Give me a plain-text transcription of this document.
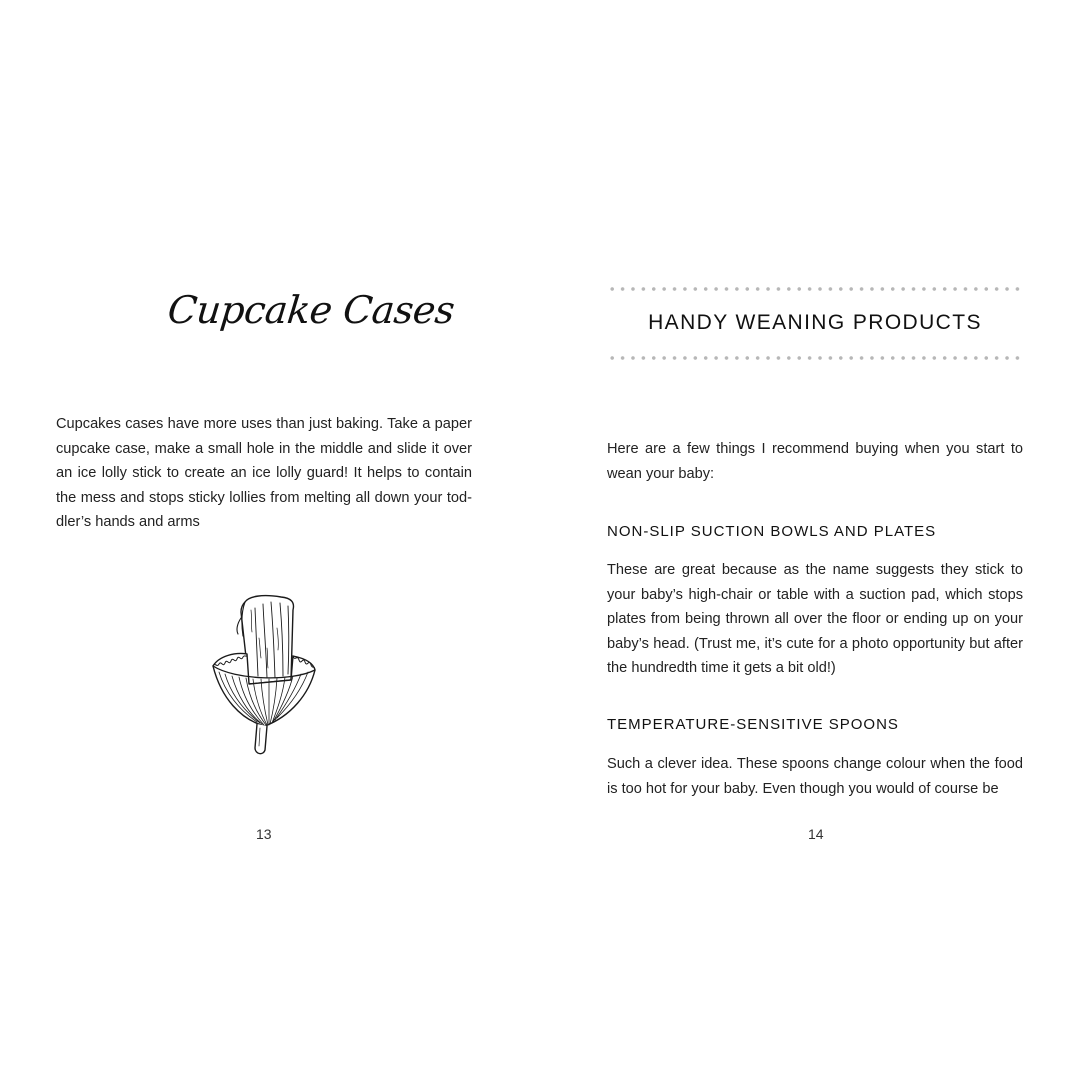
Cupcake Cases

Cupcakes cases have more uses than just baking. Take a paper cupcake case, make a small hole in the middle and slide it over an ice lolly stick to create an ice lolly guard! It helps to contain the mess and stops sticky lollies from melting all down your toddler’s hands and arms

13
HANDY WEANING PRODUCTS

Here are a few things I recommend buying when you start to wean your baby:

NON-SLIP SUCTION BOWLS AND PLATES

These are great because as the name suggests they stick to your baby’s high-chair or table with a suction pad, which stops plates from being thrown all over the floor or ending up on your baby’s head. (Trust me, it’s cute for a photo opportunity but after the hundredth time it gets a bit old!)

TEMPERATURE-SENSITIVE SPOONS

Such a clever idea. These spoons change colour when the food is too hot for your baby. Even though you would of course be

14
